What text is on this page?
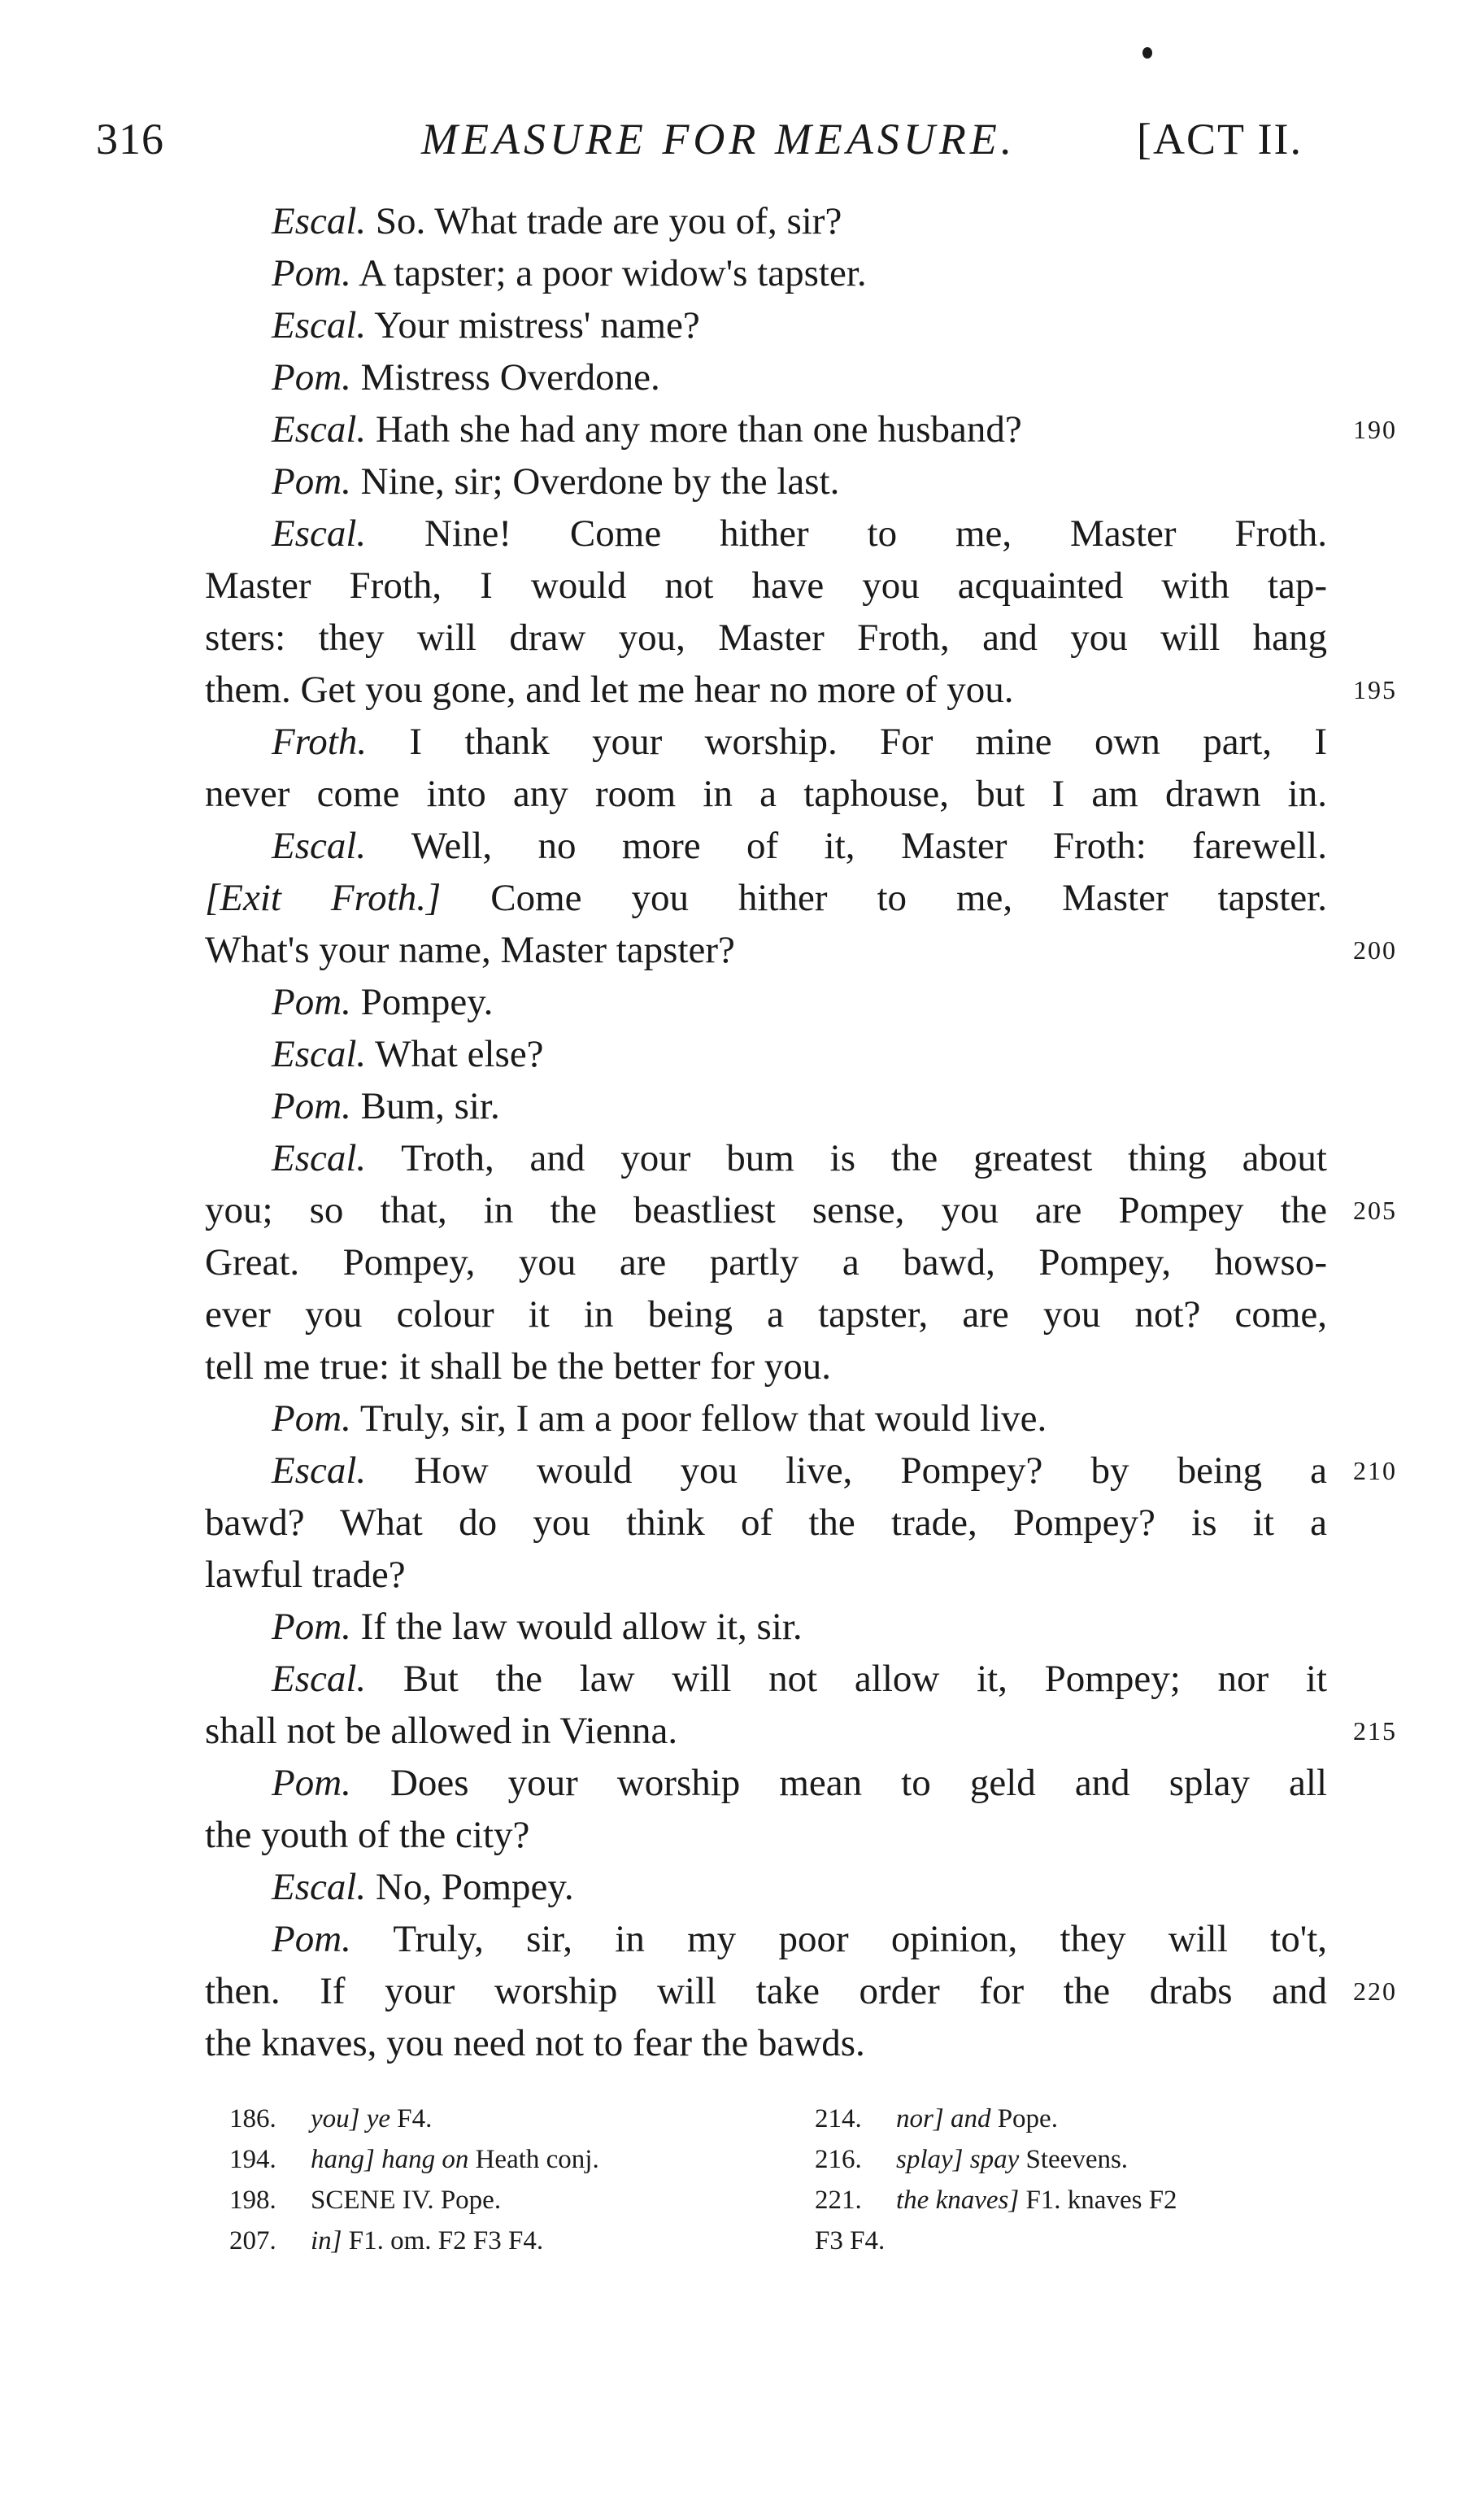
316	MEASURE FOR MEASURE.	[ACT II.
Escal. So. What trade are you of, sir?
Pom. A tapster; a poor widow's tapster.
Escal. Your mistress' name?
Pom. Mistress Overdone.
Escal. Hath she had any more than one husband?	190
Pom. Nine, sir; Overdone by the last.
Escal. Nine! Come hither to me, Master Froth.
Master Froth, I would not have you acquainted with tap-
sters: they will draw you, Master Froth, and you will hang
them. Get you gone, and let me hear no more of you.	195
Froth. I thank your worship. For mine own part, I
never come into any room in a taphouse, but I am drawn in.
Escal. Well, no more of it, Master Froth: farewell.
[Exit Froth.] Come you hither to me, Master tapster.
What's your name, Master tapster?	200
Pom. Pompey.
Escal. What else?
Pom. Bum, sir.
Escal. Troth, and your bum is the greatest thing about
you; so that, in the beastliest sense, you are Pompey the 205
Great. Pompey, you are partly a bawd, Pompey, howso-
ever you colour it in being a tapster, are you not? come,
tell me true: it shall be the better for you.
Pom. Truly, sir, I am a poor fellow that would live.
Escal. How would you live, Pompey? by being a 210
bawd? What do you think of the trade, Pompey? is it a
lawful trade?
Pom. If the law would allow it, sir.
Escal. But the law will not allow it, Pompey; nor it
shall not be allowed in Vienna.	215
Pom. Does your worship mean to geld and splay all
the youth of the city?
Escal. No, Pompey.
Pom. Truly, sir, in my poor opinion, they will to't,
then. If your worship will take order for the drabs and 220
the knaves, you need not to fear the bawds.
186. you] ye F4.
194. hang] hang on Heath conj.
198. SCENE IV. Pope.
207. in] F1. om. F2 F3 F4.
214. nor] and Pope.
216. splay] spay Steevens.
221. the knaves] F1. knaves F2
F3 F4.
